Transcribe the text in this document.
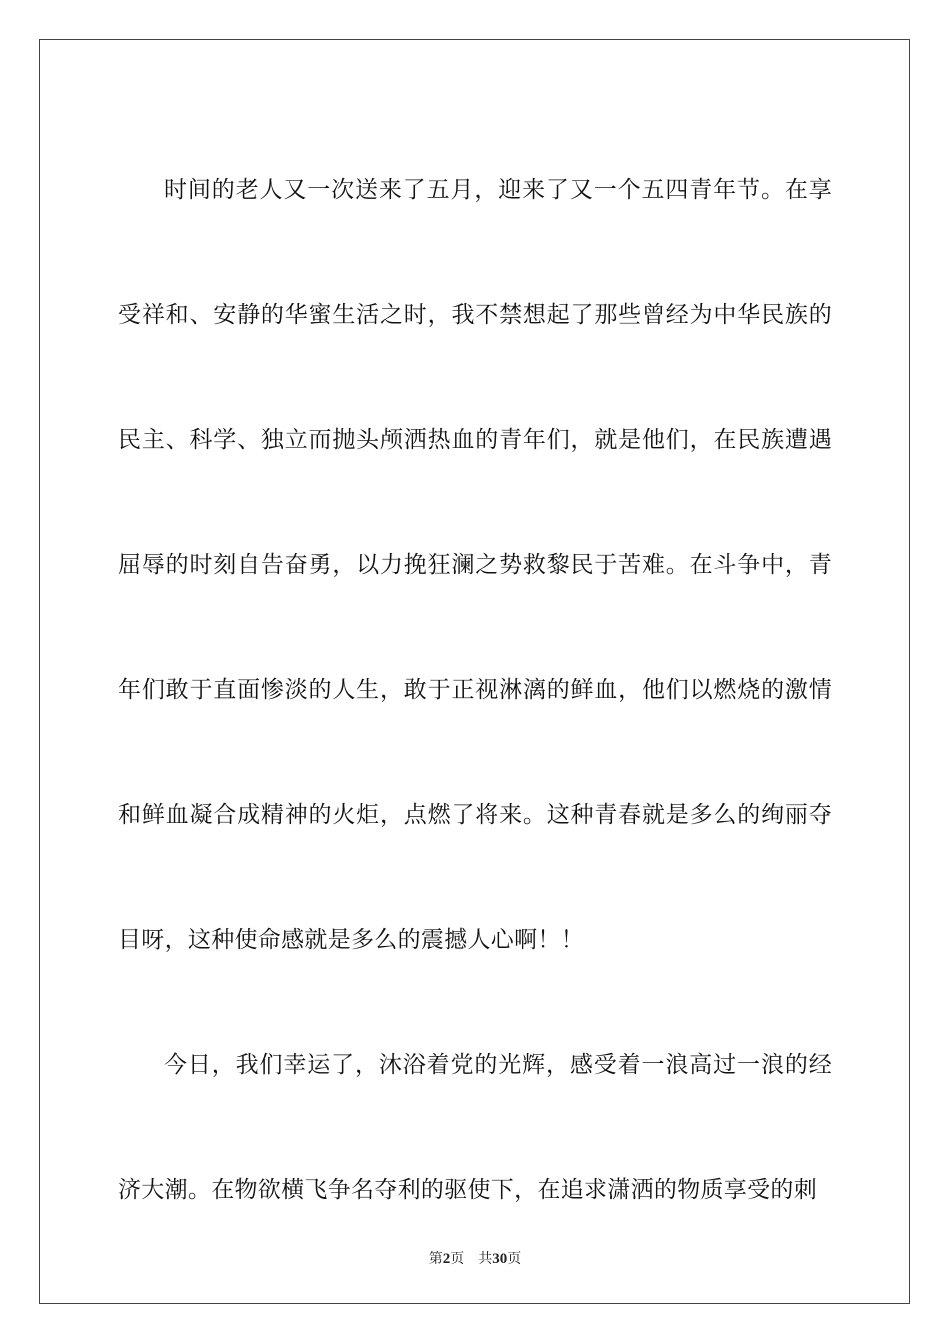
时间的老人又一次送来了五月，迎来了又一个五四青年节。在享受祥和、安静的华蜜生活之时，我不禁想起了那些曾经为中华民族的民主、科学、独立而抛头颅洒热血的青年们，就是他们，在民族遭遇屈辱的时刻自告奋勇，以力挽狂澜之势救黎民于苦难。在斗争中，青年们敢于直面惨淡的人生，敢于正视淋漓的鲜血，他们以燃烧的激情和鲜血凝合成精神的火炬，点燃了将来。这种青春就是多么的绚丽夺目呀，这种使命感就是多么的震撼人心啊！！

今日，我们幸运了，沐浴着党的光辉，感受着一浪高过一浪的经济大潮。在物欲横飞争名夺利的驱使下，在追求潇洒的物质享受的刺

第2页 共30页
